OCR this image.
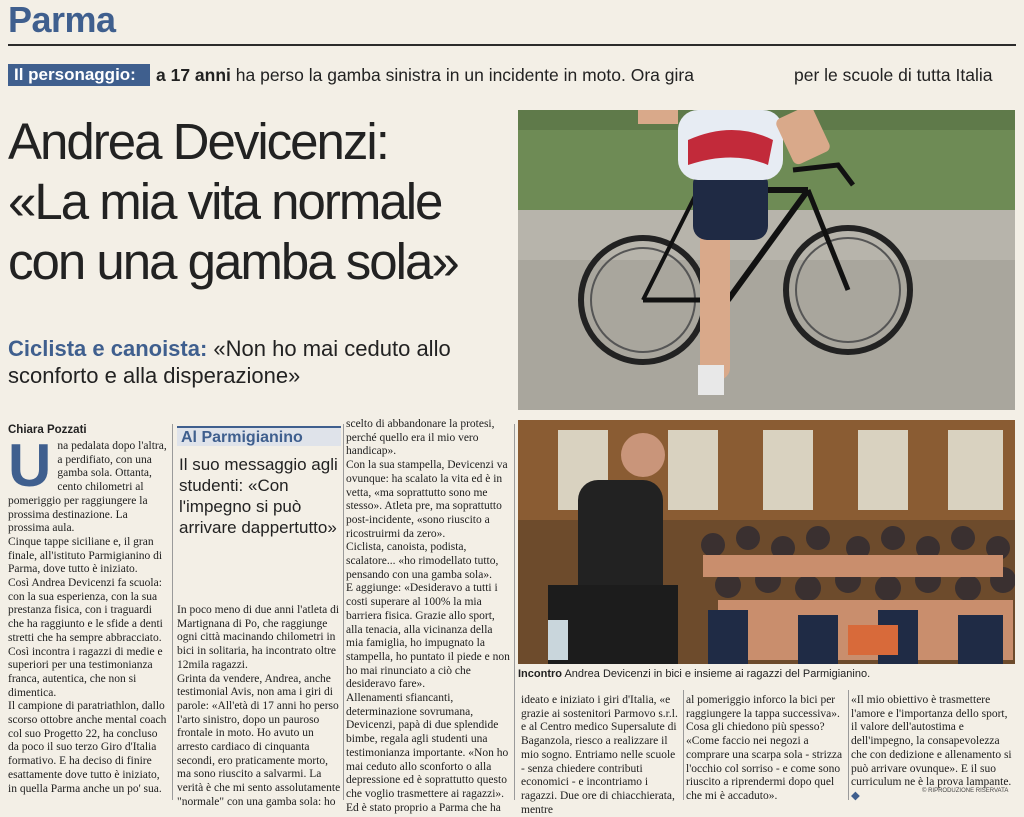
Parma
Il personaggio:	a 17 anni ha perso la gamba sinistra in un incidente in moto. Ora gira	per le scuole di tutta Italia
Andrea Devicenzi:
«La mia vita normale
con una gamba sola»
Ciclista e canoista: «Non ho mai ceduto allo sconforto e alla disperazione»
Chiara Pozzati

Una pedalata dopo l'altra, a perdifiato, con una gamba sola. Ottanta, cento chilometri al pomeriggio per raggiungere la prossima destinazione. La prossima aula.

Cinque tappe siciliane e, il gran finale, all'istituto Parmigianino di Parma, dove tutto è iniziato.

Così Andrea Devicenzi fa scuola: con la sua esperienza, con la sua prestanza fisica, con i traguardi che ha raggiunto e le sfide a denti stretti che ha sempre abbracciato. Così incontra i ragazzi di medie e superiori per una testimonianza franca, autentica, che non si dimentica.

Il campione di paratriathlon, dallo scorso ottobre anche mental coach col suo Progetto 22, ha concluso da poco il suo terzo Giro d'Italia formativo. E ha deciso di finire esattamente dove tutto è iniziato, in quella Parma anche un po' sua.

Al Parmigianino
Il suo messaggio agli studenti: «Con l'impegno si può arrivare dappertutto»

In poco meno di due anni l'atleta di Martignana di Po, che raggiunge ogni città macinando chilometri in bici in solitaria, ha incontrato oltre 12mila ragazzi.

Grinta da vendere, Andrea, anche testimonial Avis, non ama i giri di parole: «All'età di 17 anni ho perso l'arto sinistro, dopo un pauroso frontale in moto. Ho avuto un arresto cardiaco di cinquanta secondi, ero praticamente morto, ma sono riuscito a salvarmi. La verità è che mi sento assolutamente "normale" con una gamba sola: ho

scelto di abbandonare la protesi, perché quello era il mio vero handicap».

Con la sua stampella, Devicenzi va ovunque: ha scalato la vita ed è in vetta, «ma soprattutto sono me stesso». Atleta pre, ma soprattutto post-incidente, «sono riuscito a ricostruirmi da zero».

Ciclista, canoista, podista, scalatore... «ho rimodellato tutto, pensando con una gamba sola».

E aggiunge: «Desideravo a tutti i costi superare al 100% la mia barriera fisica. Grazie allo sport, alla tenacia, alla vicinanza della mia famiglia, ho impugnato la stampella, ho puntato il piede e non ho mai rinunciato a ciò che desideravo fare».

Allenamenti sfiancanti, determinazione sovrumana, Devicenzi, papà di due splendide bimbe, regala agli studenti una testimonianza importante. «Non ho mai ceduto allo sconforto o alla depressione ed è soprattutto questo che voglio trasmettere ai ragazzi». Ed è stato proprio a Parma che ha

Incontro Andrea Devicenzi in bici e insieme ai ragazzi del Parmigianino.

ideato e iniziato i giri d'Italia, «e grazie ai sostenitori Parmovo s.r.l. e al Centro medico Supersalute di Baganzola, riesco a realizzare il mio sogno. Entriamo nelle scuole - senza chiedere contributi economici - e incontriamo i ragazzi. Due ore di chiacchierata, mentre

al pomeriggio inforco la bici per raggiungere la tappa successiva». Cosa gli chiedono più spesso? «Come faccio nei negozi a comprare una scarpa sola - strizza l'occhio col sorriso - e come sono riuscito a riprendermi dopo quel che mi è accaduto».

«Il mio obiettivo è trasmettere l'amore e l'importanza dello sport, il valore dell'autostima e dell'impegno, la consapevolezza che con dedizione e allenamento si può arrivare ovunque». E il suo curriculum ne è la prova lampante. ◆	© RIPRODUZIONE RISERVATA
